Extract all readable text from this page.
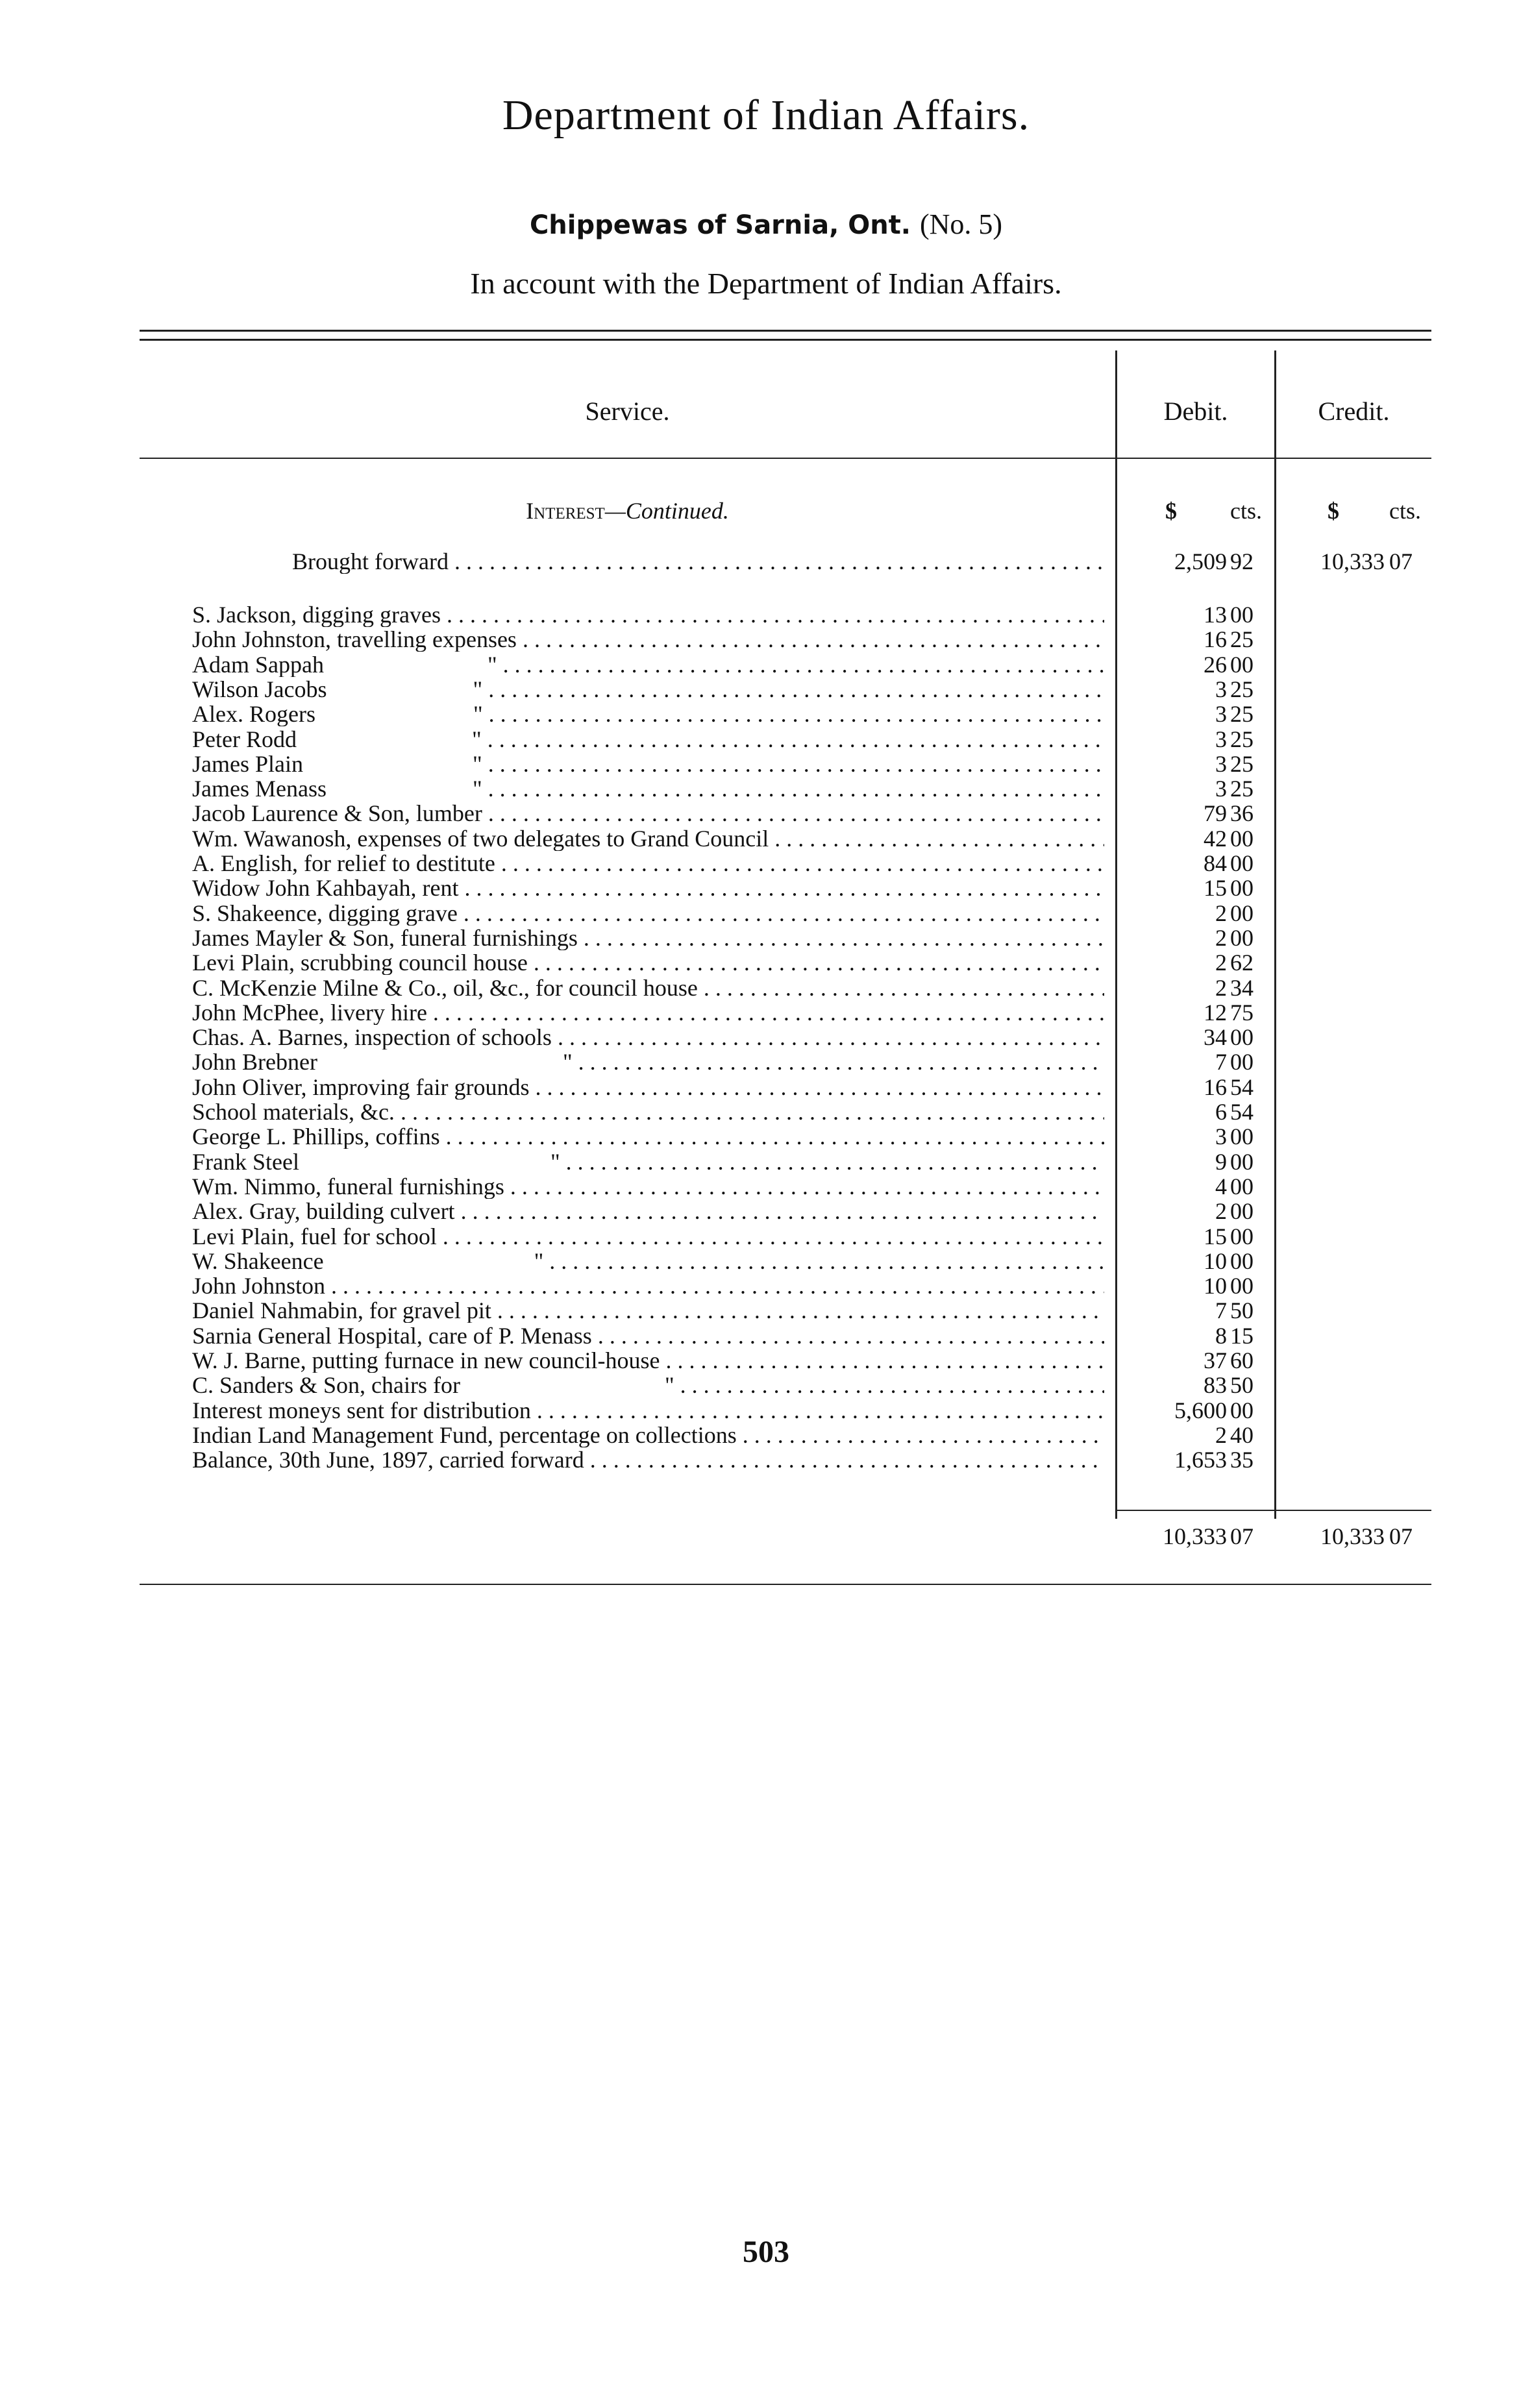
Department of Indian Affairs.
Chippewas of Sarnia, Ont. (No. 5)
In account with the Department of Indian Affairs.
Service.	Debit.	Credit.
Interest—Continued.	$ cts.	$ cts.
Brought forward . . .	2,509 92	10,333 07
S. Jackson, digging graves . . .	13 00
John Johnston, travelling expenses . . .	16 25
Adam Sappah                            " . . .	26 00
Wilson Jacobs                         " . . .	3 25
Alex. Rogers                           " . . .	3 25
Peter Rodd                              " . . .	3 25
James Plain                             " . . .	3 25
James Menass                         " . . .	3 25
Jacob Laurence & Son, lumber . . .	79 36
Wm. Wawanosh, expenses of two delegates to Grand Council . . .	42 00
A. English, for relief to destitute . . .	84 00
Widow John Kahbayah, rent . . .	15 00
S. Shakeence, digging grave . . .	2 00
James Mayler & Son, funeral furnishings . . .	2 00
Levi Plain, scrubbing council house . . .	2 62
C. McKenzie Milne & Co., oil, &c., for council house . . .	2 34
John McPhee, livery hire . . .	12 75
Chas. A. Barnes, inspection of schools . . .	34 00
John Brebner                                          " . . .	7 00
John Oliver, improving fair grounds . . .	16 54
School materials, &c. . . .	6 54
George L. Phillips, coffins . . .	3 00
Frank Steel                                           " . . .	9 00
Wm. Nimmo, funeral furnishings . . .	4 00
Alex. Gray, building culvert . . .	2 00
Levi Plain, fuel for school . . .	15 00
W. Shakeence                                    " . . .	10 00
John Johnston . . .	10 00
Daniel Nahmabin, for gravel pit . . .	7 50
Sarnia General Hospital, care of P. Menass . . .	8 15
W. J. Barne, putting furnace in new council-house . . .	37 60
C. Sanders & Son, chairs for                                   " . . .	83 50
Interest moneys sent for distribution . . .	5,600 00
Indian Land Management Fund, percentage on collections . . .	2 40
Balance, 30th June, 1897, carried forward . . .	1,653 35
10,333 07	10,333 07
503
